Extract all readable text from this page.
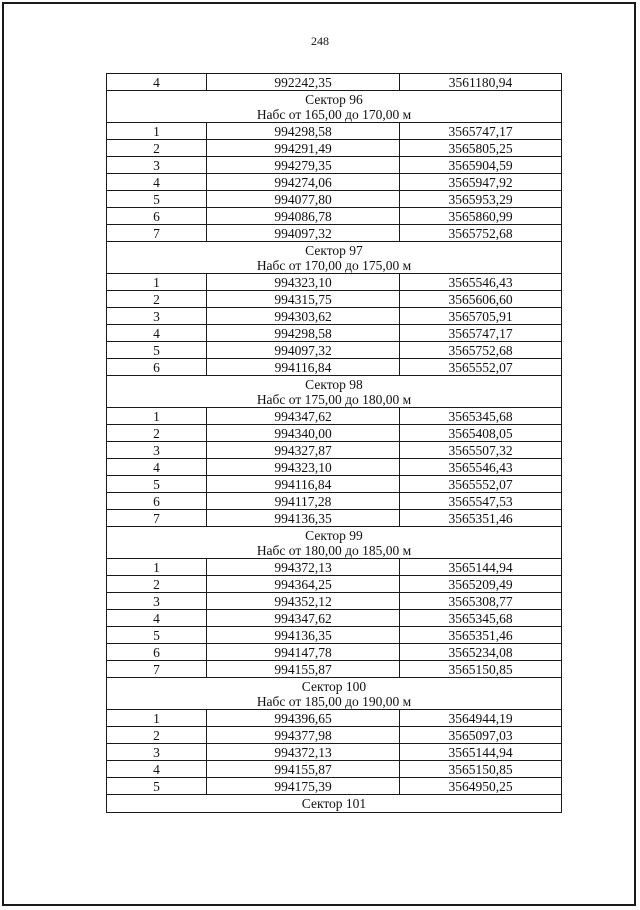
248
4	992242,35	3561180,94

Сектор 96
Набс от 165,00 до 170,00 м		

1	994298,58	3565747,17
2	994291,49	3565805,25
3	994279,35	3565904,59
4	994274,06	3565947,92
5	994077,80	3565953,29
6	994086,78	3565860,99
7	994097,32	3565752,68

Сектор 97
Набс от 170,00 до 175,00 м		

1	994323,10	3565546,43
2	994315,75	3565606,60
3	994303,62	3565705,91
4	994298,58	3565747,17
5	994097,32	3565752,68
6	994116,84	3565552,07

Сектор 98
Набс от 175,00 до 180,00 м		

1	994347,62	3565345,68
2	994340,00	3565408,05
3	994327,87	3565507,32
4	994323,10	3565546,43
5	994116,84	3565552,07
6	994117,28	3565547,53
7	994136,35	3565351,46

Сектор 99
Набс от 180,00 до 185,00 м		

1	994372,13	3565144,94
2	994364,25	3565209,49
3	994352,12	3565308,77
4	994347,62	3565345,68
5	994136,35	3565351,46
6	994147,78	3565234,08
7	994155,87	3565150,85

Сектор 100
Набс от 185,00 до 190,00 м		

1	994396,65	3564944,19
2	994377,98	3565097,03
3	994372,13	3565144,94
4	994155,87	3565150,85
5	994175,39	3564950,25
Сектор 101		
